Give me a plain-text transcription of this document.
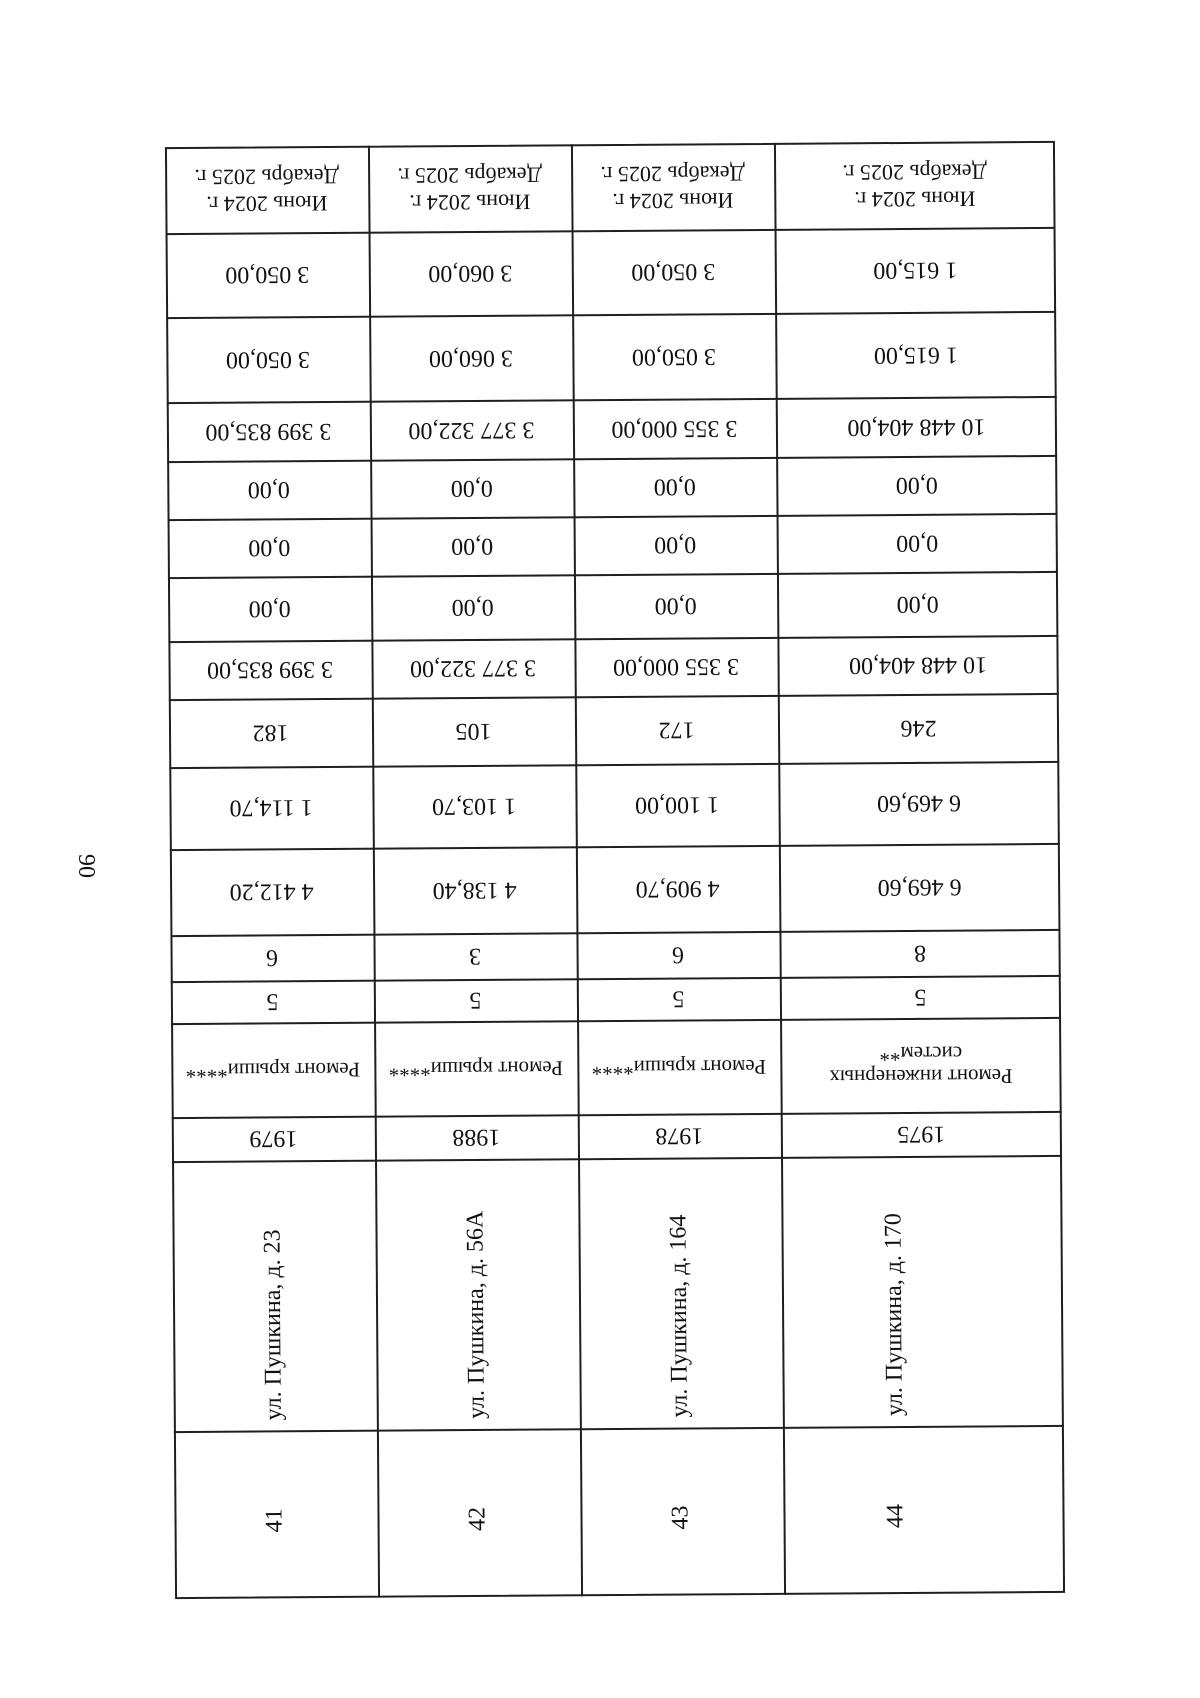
90
Июнь 2024 г.
Декабрь 2025 г.
3 050,00
3 050,00
3 399 835,00
0,00
0,00
0,00
3 399 835,00
182
1 114,70
4 412,20
6
5
Ремонт крыши****
1979
ул. Пушкина, д. 23
41
Июнь 2024 г.
Декабрь 2025 г.
3 060,00
3 060,00
3 377 322,00
0,00
0,00
0,00
3 377 322,00
105
1 103,70
4 138,40
3
5
Ремонт крыши****
1988
ул. Пушкина, д. 56А
42
Июнь 2024 г.
Декабрь 2025 г.
3 050,00
3 050,00
3 355 000,00
0,00
0,00
0,00
3 355 000,00
172
1 100,00
4 909,70
6
5
Ремонт крыши****
1978
ул. Пушкина, д. 164
43
Июнь 2024 г.
Декабрь 2025 г.
1 615,00
1 615,00
10 448 404,00
0,00
0,00
0,00
10 448 404,00
246
6 469,60
6 469,60
8
5
Ремонт инженерных систем**
1975
ул. Пушкина, д. 170
44
